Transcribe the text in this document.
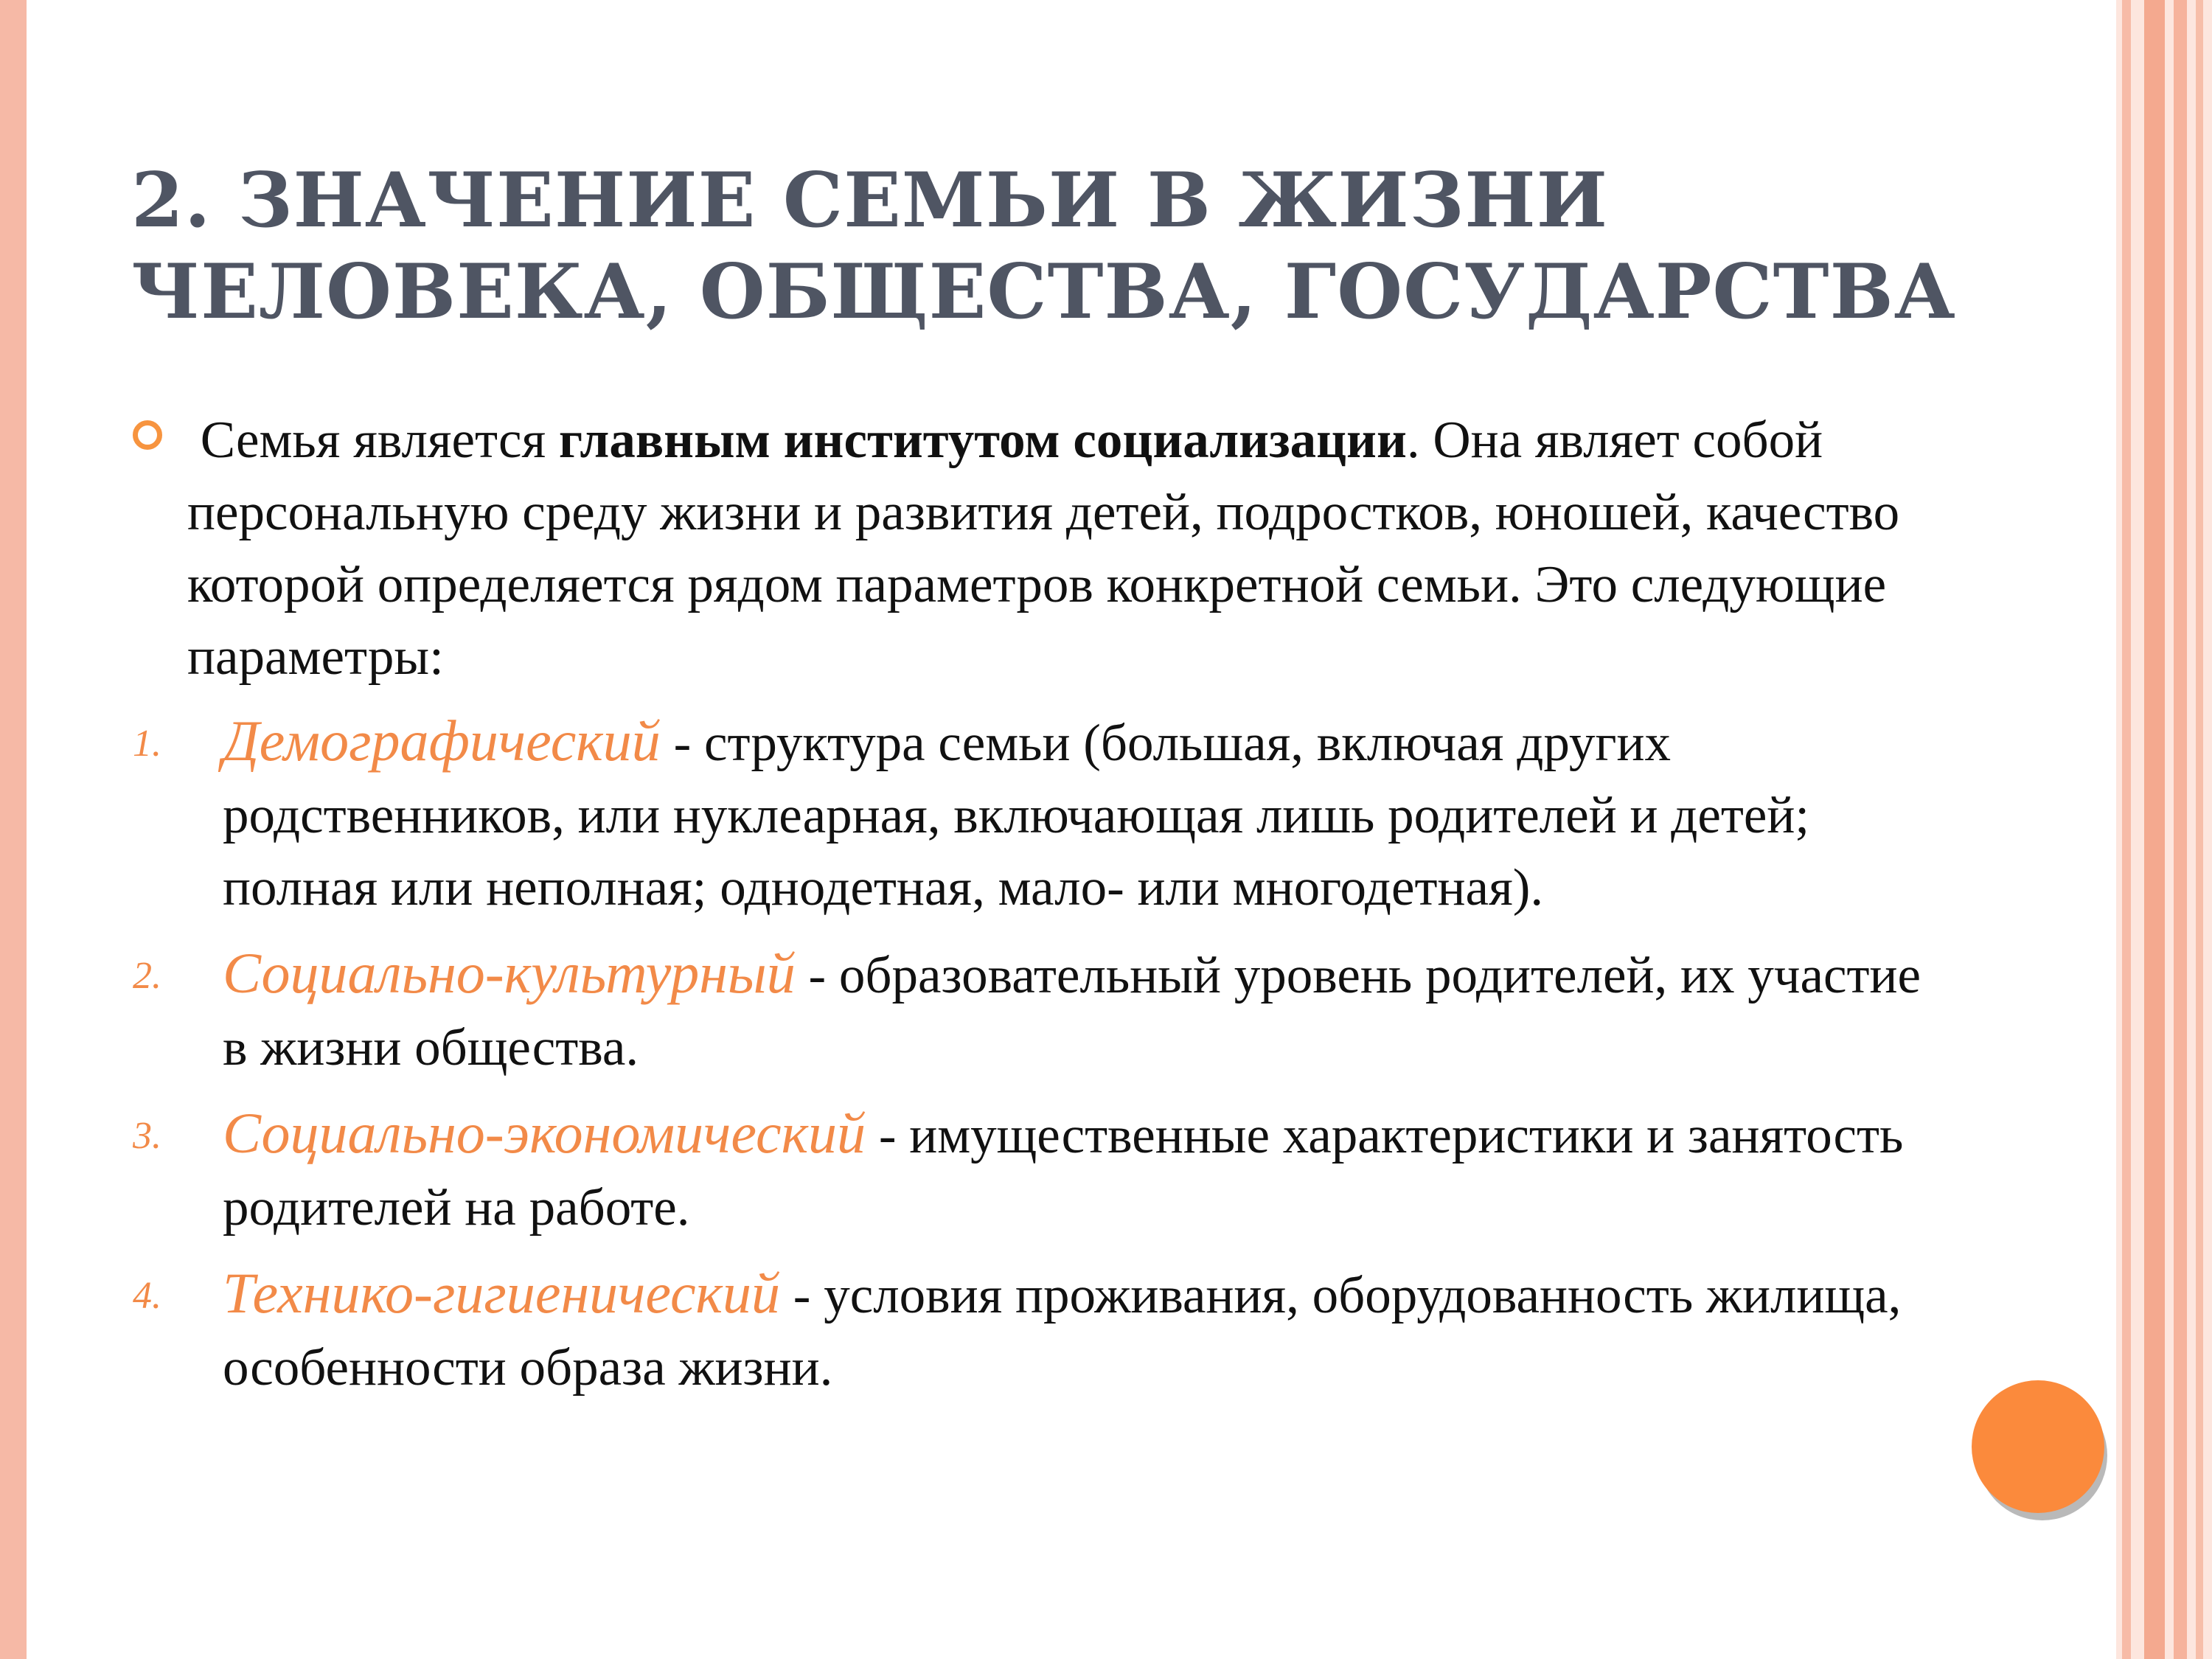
2. ЗНАЧЕНИЕ СЕМЬИ В ЖИЗНИ
ЧЕЛОВЕКА, ОБЩЕСТВА, ГОСУДАРСТВА
Семья является главным институтом социализации. Она являет собой персональную среду жизни и развития детей, подростков, юношей, качество которой определяется рядом параметров конкретной семьи. Это следующие параметры:
1. Демографический - структура семьи (большая, включая других родственников, или нуклеарная, включающая лишь родителей и детей; полная или неполная; однодетная, мало- или многодетная).
2. Социально-культурный - образовательный уровень родителей, их участие в жизни общества.
3. Социально-экономический - имущественные характеристики и занятость родителей на работе.
4. Технико-гигиенический - условия проживания, оборудованность жилища, особенности образа жизни.
